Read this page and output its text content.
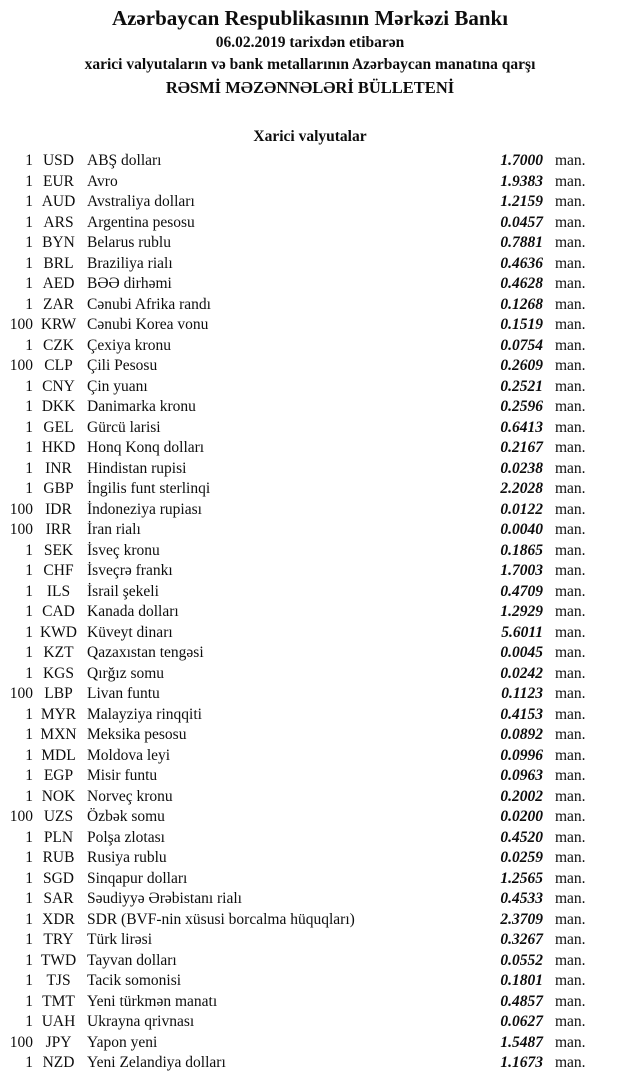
Azərbaycan Respublikasının Mərkəzi Bankı
06.02.2019 tarixdən etibarən
xarici valyutaların və bank metallarının Azərbaycan manatına qarşı
RƏSMİ MƏZƏNNƏLƏRİ BÜLLETENİ
Xarici valyutalar
1 USD ABŞ dolları	1.7000 man.
1 EUR Avro	1.9383 man.
1 AUD Avstraliya dolları	1.2159 man.
1 ARS Argentina pesosu	0.0457 man.
1 BYN Belarus rublu	0.7881 man.
1 BRL Braziliya rialı	0.4636 man.
1 AED BƏƏ dirhəmi	0.4628 man.
1 ZAR Cənubi Afrika randı	0.1268 man.
100 KRW Cənubi Korea vonu	0.1519 man.
1 CZK Çexiya kronu	0.0754 man.
100 CLP Çili Pesosu	0.2609 man.
1 CNY Çin yuanı	0.2521 man.
1 DKK Danimarka kronu	0.2596 man.
1 GEL Gürcü larisi	0.6413 man.
1 HKD Honq Konq dolları	0.2167 man.
1 INR Hindistan rupisi	0.0238 man.
1 GBP İngilis funt sterlinqi	2.2028 man.
100 IDR İndoneziya rupiası	0.0122 man.
100 IRR	İran rialı	0.0040 man.
1 SEK İsveç kronu	0.1865 man.
1 CHF İsveçrə frankı	1.7003 man.
1 ILS	İsrail şekeli	0.4709 man.
1 CAD Kanada dolları	1.2929 man.
1 KWD Küveyt dinarı	5.6011 man.
1 KZT Qazaxıstan tengəsi	0.0045 man.
1 KGS Qırğız somu	0.0242 man.
100 LBP Livan funtu	0.1123 man.
1 MYR Malayziya rinqqiti	0.4153 man.
1 MXN Meksika pesosu	0.0892 man.
1 MDL Moldova leyi	0.0996 man.
1 EGP Misir funtu	0.0963 man.
1 NOK Norveç kronu	0.2002 man.
100 UZS Özbək somu	0.0200 man.
1 PLN Polşa zlotası	0.4520 man.
1 RUB Rusiya rublu	0.0259 man.
1 SGD Sinqapur dolları	1.2565 man.
1 SAR Səudiyyə Ərəbistanı rialı	0.4533 man.
1 XDR SDR (BVF-nin xüsusi borcalma hüquqları)	2.3709 man.
1 TRY Türk lirəsi	0.3267 man.
1 TWD Tayvan dolları	0.0552 man.
1 TJS	Tacik somonisi	0.1801 man.
1 TMT Yeni türkmən manatı	0.4857 man.
1 UAH Ukrayna qrivnası	0.0627 man.
100 JPY	Yapon yeni	1.5487 man.
1 NZD Yeni Zelandiya dolları	1.1673 man.
